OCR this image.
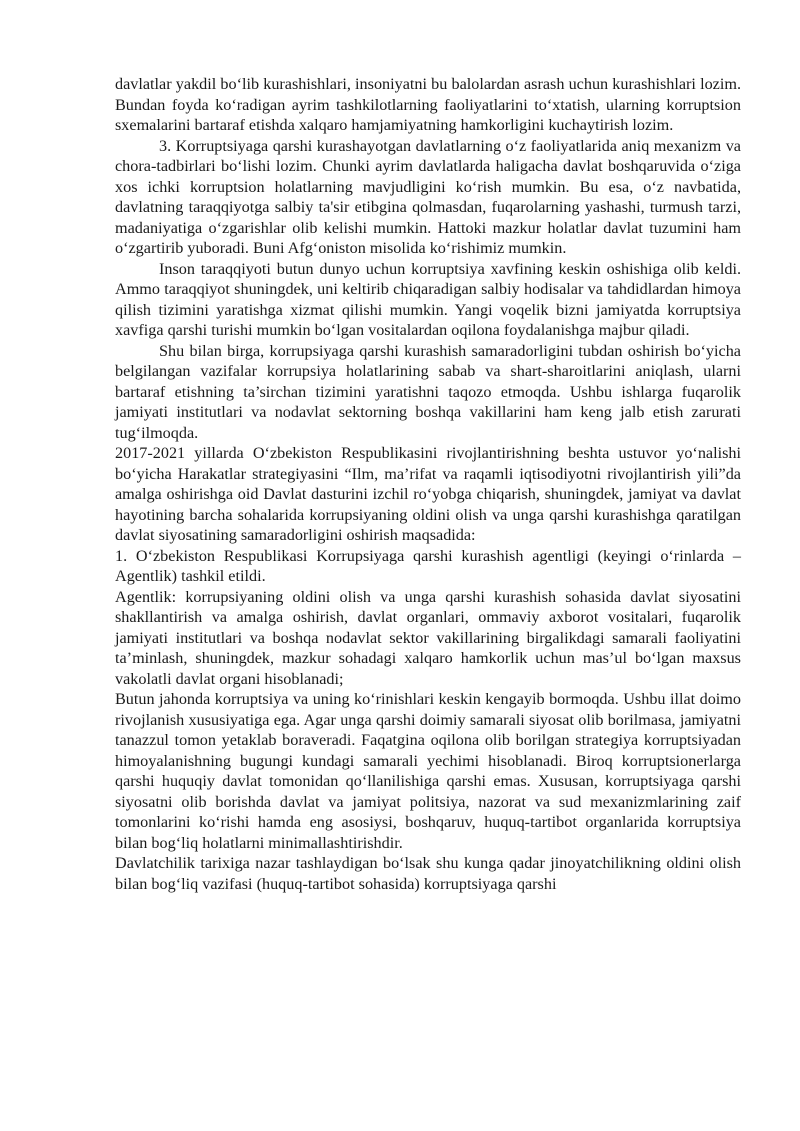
davlatlar yakdil bo‘lib kurashishlari, insoniyatni bu balolardan asrash uchun kurashishlari lozim. Bundan foyda ko‘radigan ayrim tashkilotlarning faoliyatlarini to‘xtatish, ularning korruptsion sxemalarini bartaraf etishda xalqaro hamjamiyatning hamkorligini kuchaytirish lozim.

3. Korruptsiyaga qarshi kurashayotgan davlatlarning o‘z faoliyatlarida aniq mexanizm va chora-tadbirlari bo‘lishi lozim. Chunki ayrim davlatlarda haligacha davlat boshqaruvida o‘ziga xos ichki korruptsion holatlarning mavjudligini ko‘rish mumkin. Bu esa, o‘z navbatida, davlatning taraqqiyotga salbiy ta'sir etibgina qolmasdan, fuqarolarning yashashi, turmush tarzi, madaniyatiga o‘zgarishlar olib kelishi mumkin. Hattoki mazkur holatlar davlat tuzumini ham o‘zgartirib yuboradi. Buni Afg‘oniston misolida ko‘rishimiz mumkin.

Inson taraqqiyoti butun dunyo uchun korruptsiya xavfining keskin oshishiga olib keldi. Ammo taraqqiyot shuningdek, uni keltirib chiqaradigan salbiy hodisalar va tahdidlardan himoya qilish tizimini yaratishga xizmat qilishi mumkin. Yangi voqelik bizni jamiyatda korruptsiya xavfiga qarshi turishi mumkin bo‘lgan vositalardan oqilona foydalanishga majbur qiladi.

Shu bilan birga, korrupsiyaga qarshi kurashish samaradorligini tubdan oshirish bo‘yicha belgilangan vazifalar korrupsiya holatlarining sabab va shart-sharoitlarini aniqlash, ularni bartaraf etishning ta’sirchan tizimini yaratishni taqozo etmoqda. Ushbu ishlarga fuqarolik jamiyati institutlari va nodavlat sektorning boshqa vakillarini ham keng jalb etish zarurati tug‘ilmoqda.

2017-2021 yillarda O‘zbekiston Respublikasini rivojlantirishning beshta ustuvor yo‘nalishi bo‘yicha Harakatlar strategiyasini “Ilm, ma’rifat va raqamli iqtisodiyotni rivojlantirish yili”da amalga oshirishga oid Davlat dasturini izchil ro‘yobga chiqarish, shuningdek, jamiyat va davlat hayotining barcha sohalarida korrupsiyaning oldini olish va unga qarshi kurashishga qaratilgan davlat siyosatining samaradorligini oshirish maqsadida:

1. O‘zbekiston Respublikasi Korrupsiyaga qarshi kurashish agentligi (keyingi o‘rinlarda – Agentlik) tashkil etildi.

Agentlik: korrupsiyaning oldini olish va unga qarshi kurashish sohasida davlat siyosatini shakllantirish va amalga oshirish, davlat organlari, ommaviy axborot vositalari, fuqarolik jamiyati institutlari va boshqa nodavlat sektor vakillarining birgalikdagi samarali faoliyatini ta’minlash, shuningdek, mazkur sohadagi xalqaro hamkorlik uchun mas’ul bo‘lgan maxsus vakolatli davlat organi hisoblanadi;

Butun jahonda korruptsiya va uning ko‘rinishlari keskin kengayib bormoqda. Ushbu illat doimo rivojlanish xususiyatiga ega. Agar unga qarshi doimiy samarali siyosat olib borilmasa, jamiyatni tanazzul tomon yetaklab boraveradi. Faqatgina oqilona olib borilgan strategiya korruptsiyadan himoyalanishning bugungi kundagi samarali yechimi hisoblanadi. Biroq korruptsionerlarga qarshi huquqiy davlat tomonidan qo‘llanilishiga qarshi emas. Xususan, korruptsiyaga qarshi siyosatni olib borishda davlat va jamiyat politsiya, nazorat va sud mexanizmlarining zaif tomonlarini ko‘rishi hamda eng asosiysi, boshqaruv, huquq-tartibot organlarida korruptsiya bilan bog‘liq holatlarni minimallashtirishdir.

Davlatchilik tarixiga nazar tashlaydigan bo‘lsak shu kunga qadar jinoyatchilikning oldini olish bilan bog‘liq vazifasi (huquq-tartibot sohasida) korruptsiyaga qarshi
